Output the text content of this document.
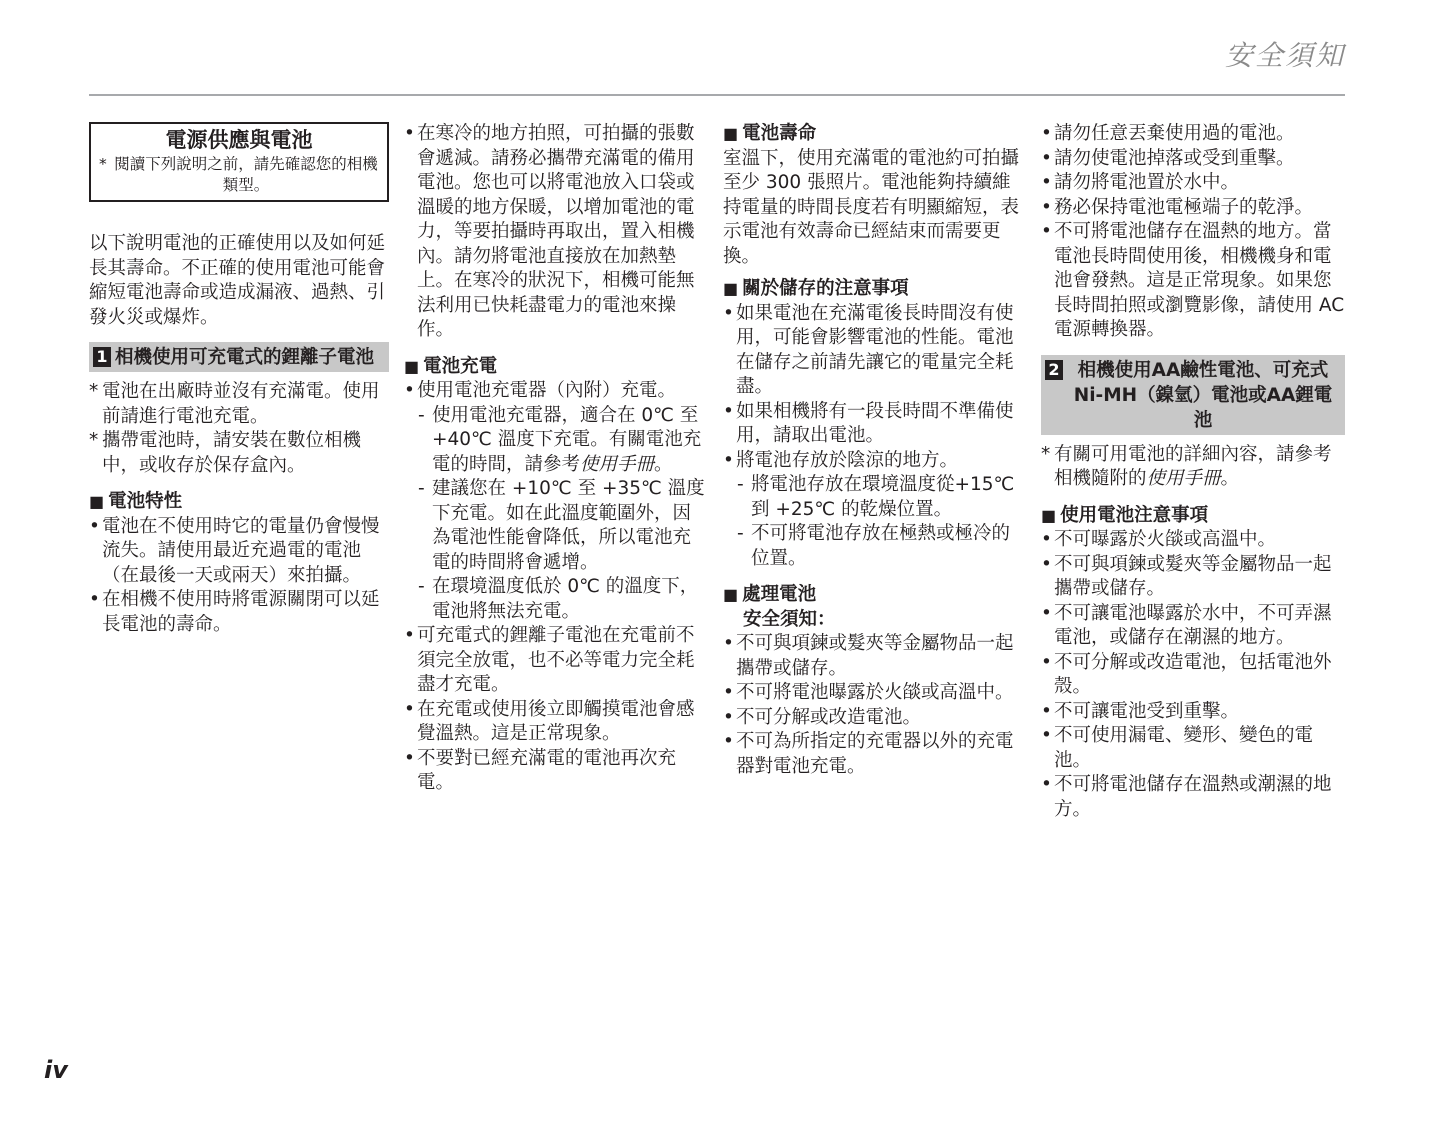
安全須知
電源供應與電池
* 閱讀下列說明之前，請先確認您的相機類型。

以下說明電池的正確使用以及如何延長其壽命。不正確的使用電池可能會縮短電池壽命或造成漏液、過熱、引發火災或爆炸。

1 相機使用可充電式的鋰離子電池
* 電池在出廠時並沒有充滿電。使用前請進行電池充電。
* 攜帶電池時，請安裝在數位相機中，或收存於保存盒內。
■ 電池特性
• 電池在不使用時它的電量仍會慢慢流失。請使用最近充過電的電池（在最後一天或兩天）來拍攝。
• 在相機不使用時將電源關閉可以延長電池的壽命。
• 在寒冷的地方拍照，可拍攝的張數會遞減。請務必攜帶充滿電的備用電池。您也可以將電池放入口袋或溫暖的地方保暖，以增加電池的電力，等要拍攝時再取出，置入相機內。請勿將電池直接放在加熱墊上。在寒冷的狀況下，相機可能無法利用已快耗盡電力的電池來操作。
■ 電池充電
• 使用電池充電器（內附）充電。
- 使用電池充電器，適合在 0℃ 至 +40℃ 溫度下充電。有關電池充電的時間，請參考使用手冊。
- 建議您在 +10℃ 至 +35℃ 溫度下充電。如在此溫度範圍外，因為電池性能會降低，所以電池充電的時間將會遞增。
- 在環境溫度低於 0℃ 的溫度下，電池將無法充電。
• 可充電式的鋰離子電池在充電前不須完全放電，也不必等電力完全耗盡才充電。
• 在充電或使用後立即觸摸電池會感覺溫熱。這是正常現象。
• 不要對已經充滿電的電池再次充電。
■ 電池壽命

室溫下，使用充滿電的電池約可拍攝至少 300 張照片。電池能夠持續維持電量的時間長度若有明顯縮短，表示電池有效壽命已經結束而需要更換。

■ 關於儲存的注意事項
• 如果電池在充滿電後長時間沒有使用，可能會影響電池的性能。電池在儲存之前請先讓它的電量完全耗盡。
• 如果相機將有一段長時間不準備使用，請取出電池。
• 將電池存放於陰涼的地方。
- 將電池存放在環境溫度從+15℃到 +25℃ 的乾燥位置。
- 不可將電池存放在極熱或極冷的位置。
■ 處理電池
安全須知：
• 不可與項鍊或髮夾等金屬物品一起攜帶或儲存。
• 不可將電池曝露於火燄或高溫中。
• 不可分解或改造電池。
• 不可為所指定的充電器以外的充電器對電池充電。
• 請勿任意丟棄使用過的電池。
• 請勿使電池掉落或受到重擊。
• 請勿將電池置於水中。
• 務必保持電池電極端子的乾淨。
• 不可將電池儲存在溫熱的地方。當電池長時間使用後，相機機身和電池會發熱。這是正常現象。如果您長時間拍照或瀏覽影像，請使用 AC 電源轉換器。
2 相機使用AA鹼性電池、可充式Ni-MH（鎳氫）電池或AA鋰電池
* 有關可用電池的詳細內容，請參考相機隨附的使用手冊。
■ 使用電池注意事項
• 不可曝露於火燄或高溫中。
• 不可與項鍊或髮夾等金屬物品一起攜帶或儲存。
• 不可讓電池曝露於水中，不可弄濕電池，或儲存在潮濕的地方。
• 不可分解或改造電池，包括電池外殼。
• 不可讓電池受到重擊。
• 不可使用漏電、變形、變色的電池。
• 不可將電池儲存在溫熱或潮濕的地方。
iv
